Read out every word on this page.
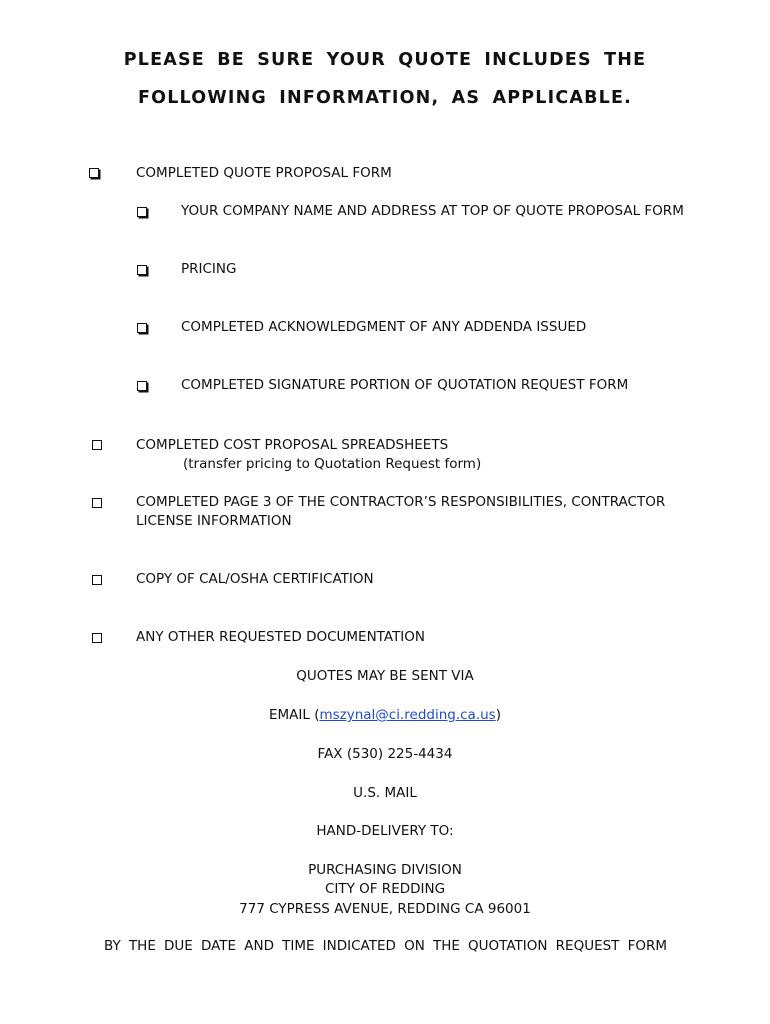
PLEASE BE SURE YOUR QUOTE INCLUDES THE
FOLLOWING INFORMATION, AS APPLICABLE.
COMPLETED QUOTE PROPOSAL FORM
YOUR COMPANY NAME AND ADDRESS AT TOP OF QUOTE PROPOSAL FORM
PRICING
COMPLETED ACKNOWLEDGMENT OF ANY ADDENDA ISSUED
COMPLETED SIGNATURE PORTION OF QUOTATION REQUEST FORM
COMPLETED COST PROPOSAL SPREADSHEETS
(transfer pricing to Quotation Request form)
COMPLETED PAGE 3 OF THE CONTRACTOR’S RESPONSIBILITIES, CONTRACTOR
LICENSE INFORMATION
COPY OF CAL/OSHA CERTIFICATION
ANY OTHER REQUESTED DOCUMENTATION
QUOTES MAY BE SENT VIA
EMAIL (mszynal@ci.redding.ca.us)
FAX (530) 225-4434
U.S. MAIL
HAND-DELIVERY TO:
PURCHASING DIVISION
CITY OF REDDING
777 CYPRESS AVENUE, REDDING CA 96001
BY THE DUE DATE AND TIME INDICATED ON THE QUOTATION REQUEST FORM
